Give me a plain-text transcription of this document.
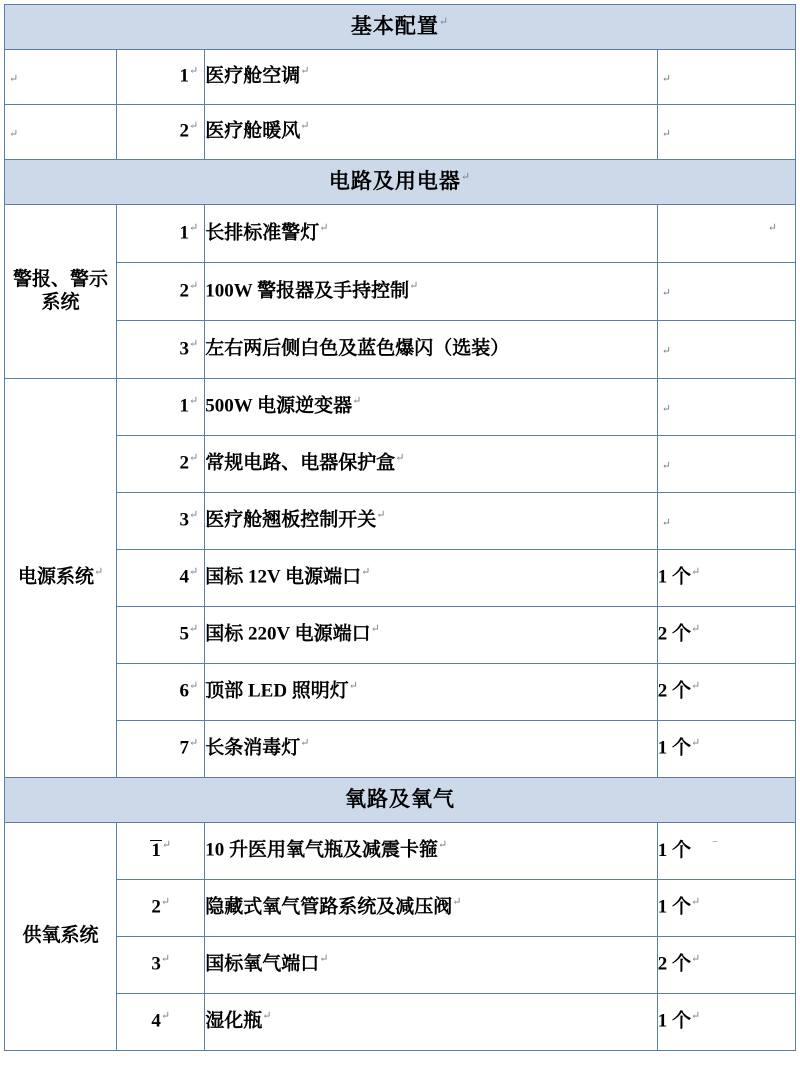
基本配置↵
↵	1↵	医疗舱空调↵	↵
↵	2↵	医疗舱暖风↵	↵
电路及用电器↵
警报、警示系统	1↵	长排标准警灯↵	↵
	2↵	100W 警报器及手持控制↵	↵
	3↵	左右两后侧白色及蓝色爆闪（选装）	↵
电源系统↵	1↵	500W 电源逆变器↵	↵
	2↵	常规电路、电器保护盒↵	↵
	3↵	医疗舱翘板控制开关↵	↵
	4↵	国标 12V 电源端口↵	1 个↵
	5↵	国标 220V 电源端口↵	2 个↵
	6↵	顶部 LED 照明灯↵	2 个↵
	7↵	长条消毒灯↵	1 个↵
氧路及氧气			
供氧系统	1↵	10 升医用氧气瓶及减震卡箍↵	1 个 ‾
	2↵	隐藏式氧气管路系统及减压阀↵	1 个↵
	3↵	国标氧气端口↵	2 个↵
	4↵	湿化瓶↵	1 个↵
